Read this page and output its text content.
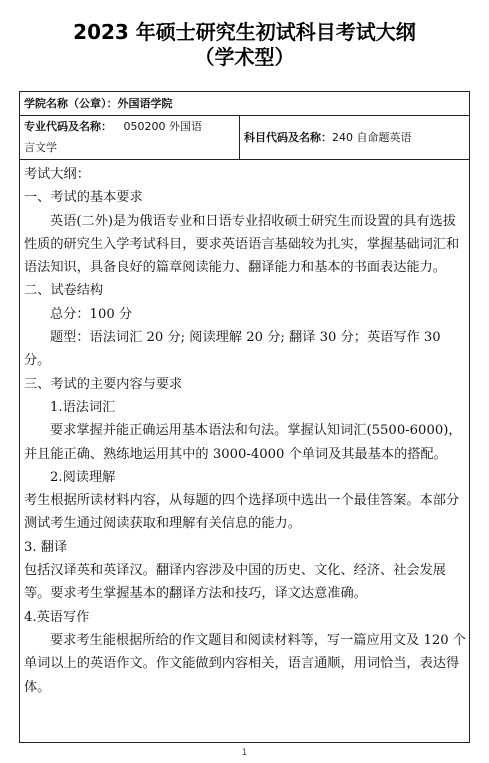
2023 年硕士研究生初试科目考试大纲
（学术型）
学院名称（公章）：外国语学院
专业代码及名称： 050200 外国语
言文学
科目代码及名称：240 自命题英语

考试大纲：

一、考试的基本要求

英语(二外)是为俄语专业和日语专业招收硕士研究生而设置的具有选拔性质的研究生入学考试科目，要求英语语言基础较为扎实，掌握基础词汇和语法知识，具备良好的篇章阅读能力、翻译能力和基本的书面表达能力。

二、试卷结构

总分：100 分

题型：语法词汇 20 分; 阅读理解 20 分; 翻译 30 分；英语写作 30 分。

三、考试的主要内容与要求

1.语法词汇

要求掌握并能正确运用基本语法和句法。掌握认知词汇(5500-6000)，并且能正确、熟练地运用其中的 3000-4000 个单词及其最基本的搭配。

2.阅读理解

考生根据所读材料内容，从每题的四个选择项中选出一个最佳答案。本部分测试考生通过阅读获取和理解有关信息的能力。

3. 翻译

包括汉译英和英译汉。翻译内容涉及中国的历史、文化、经济、社会发展等。要求考生掌握基本的翻译方法和技巧，译文达意准确。

4.英语写作

要求考生能根据所给的作文题目和阅读材料等，写一篇应用文及 120 个单词以上的英语作文。作文能做到内容相关，语言通顺，用词恰当，表达得体。

1
